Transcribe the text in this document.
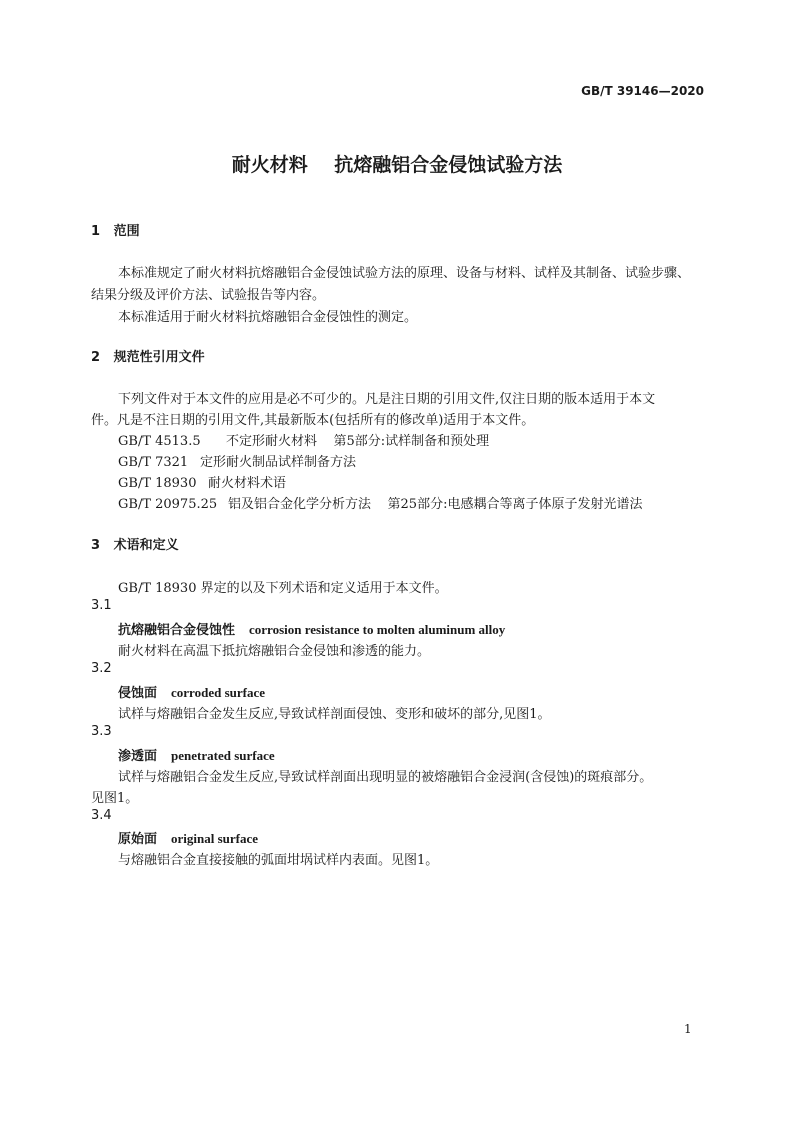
GB/T 39146—2020
耐火材料    抗熔融铝合金侵蚀试验方法
1   范围
本标准规定了耐火材料抗熔融铝合金侵蚀试验方法的原理、设备与材料、试样及其制备、试验步骤、
结果分级及评价方法、试验报告等内容。
本标准适用于耐火材料抗熔融铝合金侵蚀性的测定。
2   规范性引用文件
下列文件对于本文件的应用是必不可少的。凡是注日期的引用文件,仅注日期的版本适用于本文
件。凡是不注日期的引用文件,其最新版本(包括所有的修改单)适用于本文件。
GB/T 4513.5 不定形耐火材料    第5部分:试样制备和预处理
GB/T 7321 定形耐火制品试样制备方法
GB/T 18930 耐火材料术语
GB/T 20975.25 铝及铝合金化学分析方法    第25部分:电感耦合等离子体原子发射光谱法
3   术语和定义
GB/T 18930 界定的以及下列术语和定义适用于本文件。
3.1
抗熔融铝合金侵蚀性 corrosion resistance to molten aluminum alloy
耐火材料在高温下抵抗熔融铝合金侵蚀和渗透的能力。
3.2
侵蚀面 corroded surface
试样与熔融铝合金发生反应,导致试样剖面侵蚀、变形和破坏的部分,见图1。
3.3
渗透面 penetrated surface
试样与熔融铝合金发生反应,导致试样剖面出现明显的被熔融铝合金浸润(含侵蚀)的斑痕部分。
见图1。
3.4
原始面 original surface
与熔融铝合金直接接触的弧面坩埚试样内表面。见图1。
1
